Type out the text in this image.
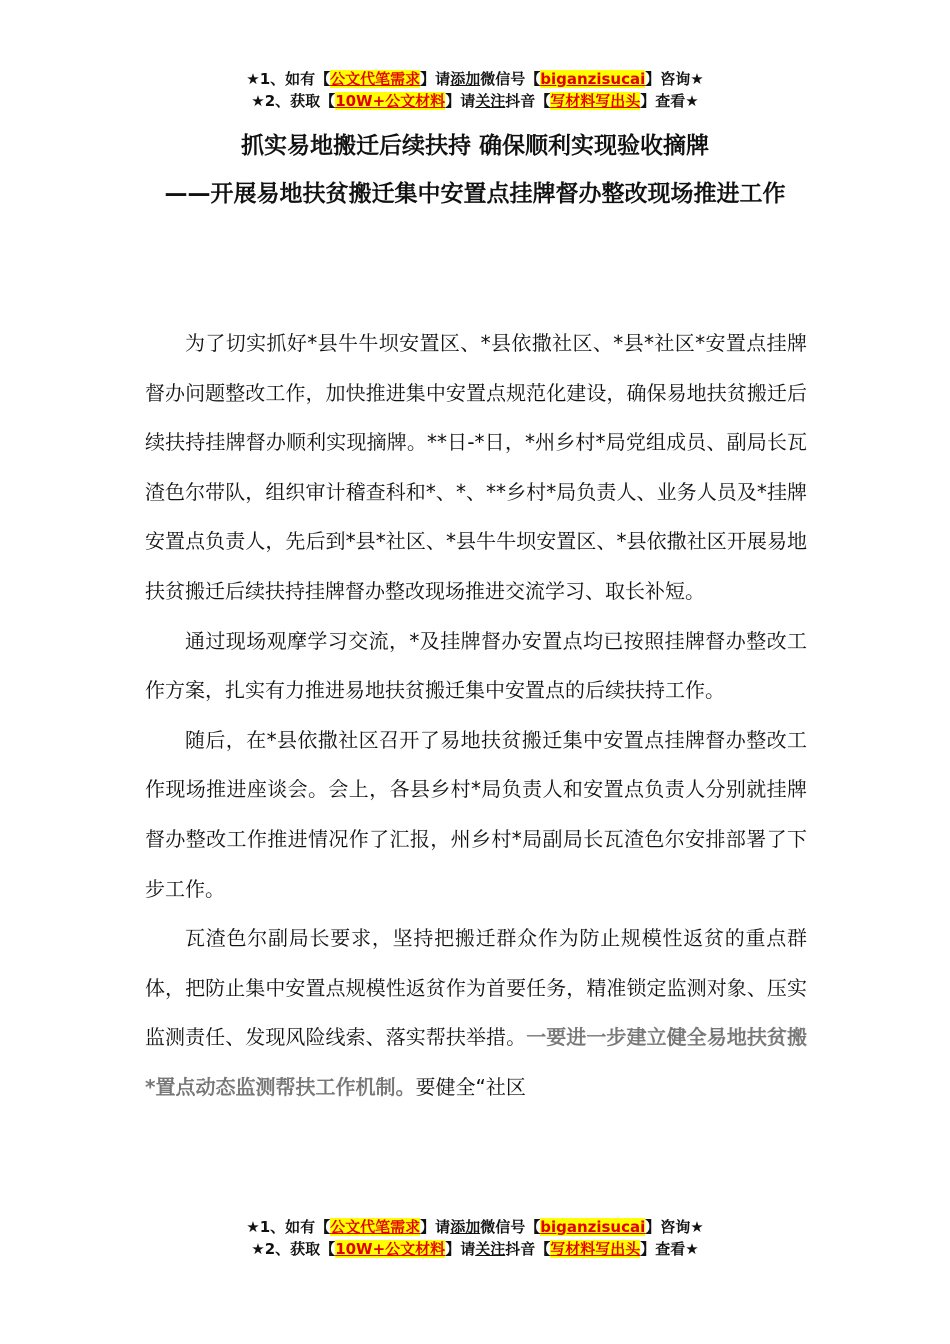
★1、如有【公文代笔需求】请添加微信号【biganzisucai】咨询★
★2、获取【10W+公文材料】请关注抖音【写材料写出头】查看★
抓实易地搬迁后续扶持 确保顺利实现验收摘牌
——开展易地扶贫搬迁集中安置点挂牌督办整改现场推进工作

为了切实抓好*县牛牛坝安置区、*县依撒社区、*县*社区*安置点挂牌督办问题整改工作，加快推进集中安置点规范化建设，确保易地扶贫搬迁后续扶持挂牌督办顺利实现摘牌。**日-*日，*州乡村*局党组成员、副局长瓦渣色尔带队，组织审计稽查科和*、*、**乡村*局负责人、业务人员及*挂牌安置点负责人，先后到*县*社区、*县牛牛坝安置区、*县依撒社区开展易地扶贫搬迁后续扶持挂牌督办整改现场推进交流学习、取长补短。

通过现场观摩学习交流，*及挂牌督办安置点均已按照挂牌督办整改工作方案，扎实有力推进易地扶贫搬迁集中安置点的后续扶持工作。

随后，在*县依撒社区召开了易地扶贫搬迁集中安置点挂牌督办整改工作现场推进座谈会。会上，各县乡村*局负责人和安置点负责人分别就挂牌督办整改工作推进情况作了汇报，州乡村*局副局长瓦渣色尔安排部署了下步工作。

瓦渣色尔副局长要求，坚持把搬迁群众作为防止规模性返贫的重点群体，把防止集中安置点规模性返贫作为首要任务，精准锁定监测对象、压实监测责任、发现风险线索、落实帮扶举措。一要进一步建立健全易地扶贫搬*置点动态监测帮扶工作机制。要健全“社区

★1、如有【公文代笔需求】请添加微信号【biganzisucai】咨询★
★2、获取【10W+公文材料】请关注抖音【写材料写出头】查看★
